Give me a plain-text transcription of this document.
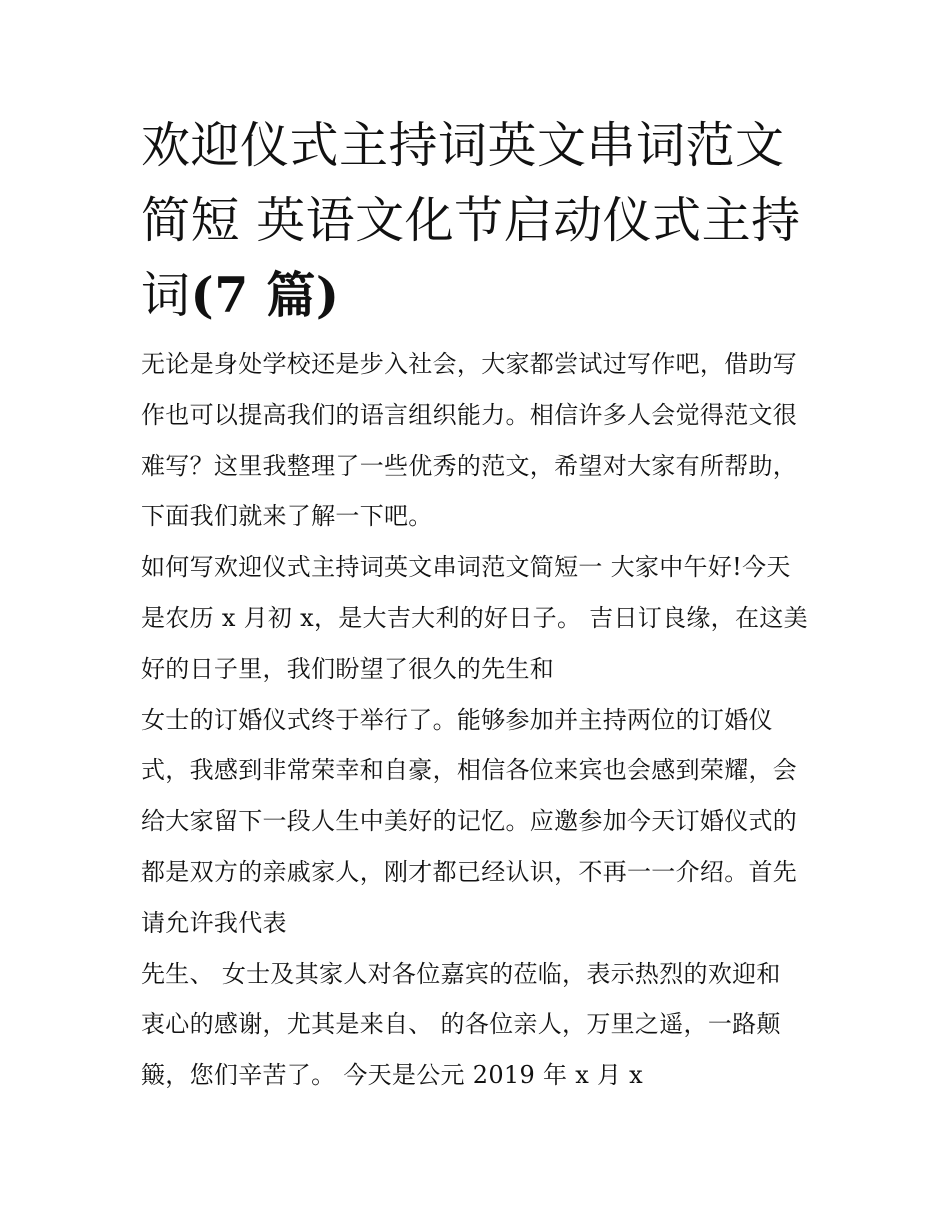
欢迎仪式主持词英文串词范文
简短 英语文化节启动仪式主持
词(7 篇)

无论是身处学校还是步入社会，大家都尝试过写作吧，借助写
作也可以提高我们的语言组织能力。相信许多人会觉得范文很
难写？这里我整理了一些优秀的范文，希望对大家有所帮助，
下面我们就来了解一下吧。

如何写欢迎仪式主持词英文串词范文简短一 大家中午好!今天
是农历 x 月初 x，是大吉大利的好日子。 吉日订良缘，在这美
好的日子里，我们盼望了很久的先生和

女士的订婚仪式终于举行了。能够参加并主持两位的订婚仪
式，我感到非常荣幸和自豪，相信各位来宾也会感到荣耀，会
给大家留下一段人生中美好的记忆。应邀参加今天订婚仪式的
都是双方的亲戚家人，刚才都已经认识，不再一一介绍。首先
请允许我代表

先生、 女士及其家人对各位嘉宾的莅临，表示热烈的欢迎和
衷心的感谢，尤其是来自、 的各位亲人，万里之遥，一路颠
簸，您们辛苦了。 今天是公元 2019 年 x 月 x
